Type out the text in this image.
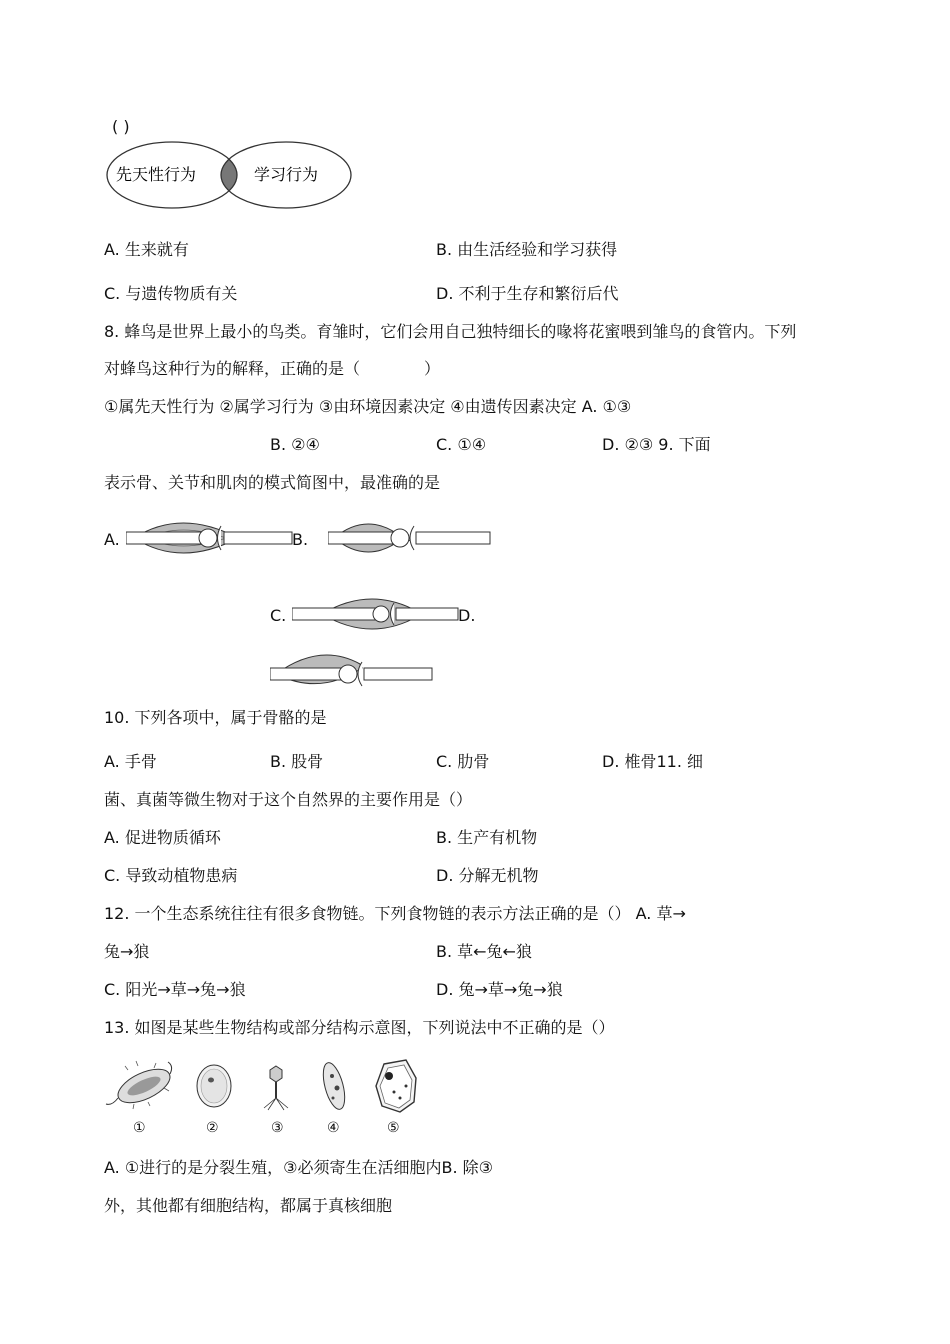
( )
先天性行为	学习行为
A. 生来就有	B. 由生活经验和学习获得
C. 与遗传物质有关	D. 不利于生存和繁衍后代
8. 蜂鸟是世界上最小的鸟类。育雏时，它们会用自己独特细长的喙将花蜜喂到雏鸟的食管内。下列
对蜂鸟这种行为的解释，正确的是（　　　　）
①属先天性行为 ②属学习行为 ③由环境因素决定 ④由遗传因素决定 A. ①③
B. ②④	C. ①④	D. ②③ 9. 下面
表示骨、关节和肌肉的模式简图中，最准确的是
A.	B.
C.	D.
10. 下列各项中，属于骨骼的是
A. 手骨	B. 股骨	C. 肋骨	D. 椎骨11. 细
菌、真菌等微生物对于这个自然界的主要作用是（）
A. 促进物质循环	B. 生产有机物
C. 导致动植物患病	D. 分解无机物
12. 一个生态系统往往有很多食物链。下列食物链的表示方法正确的是（） A. 草→
兔→狼	B. 草←兔←狼
C. 阳光→草→兔→狼	D. 兔→草→兔→狼
13. 如图是某些生物结构或部分结构示意图，下列说法中不正确的是（）
①	②	③	④	⑤
A. ①进行的是分裂生殖，③必须寄生在活细胞内B. 除③
外，其他都有细胞结构，都属于真核细胞
